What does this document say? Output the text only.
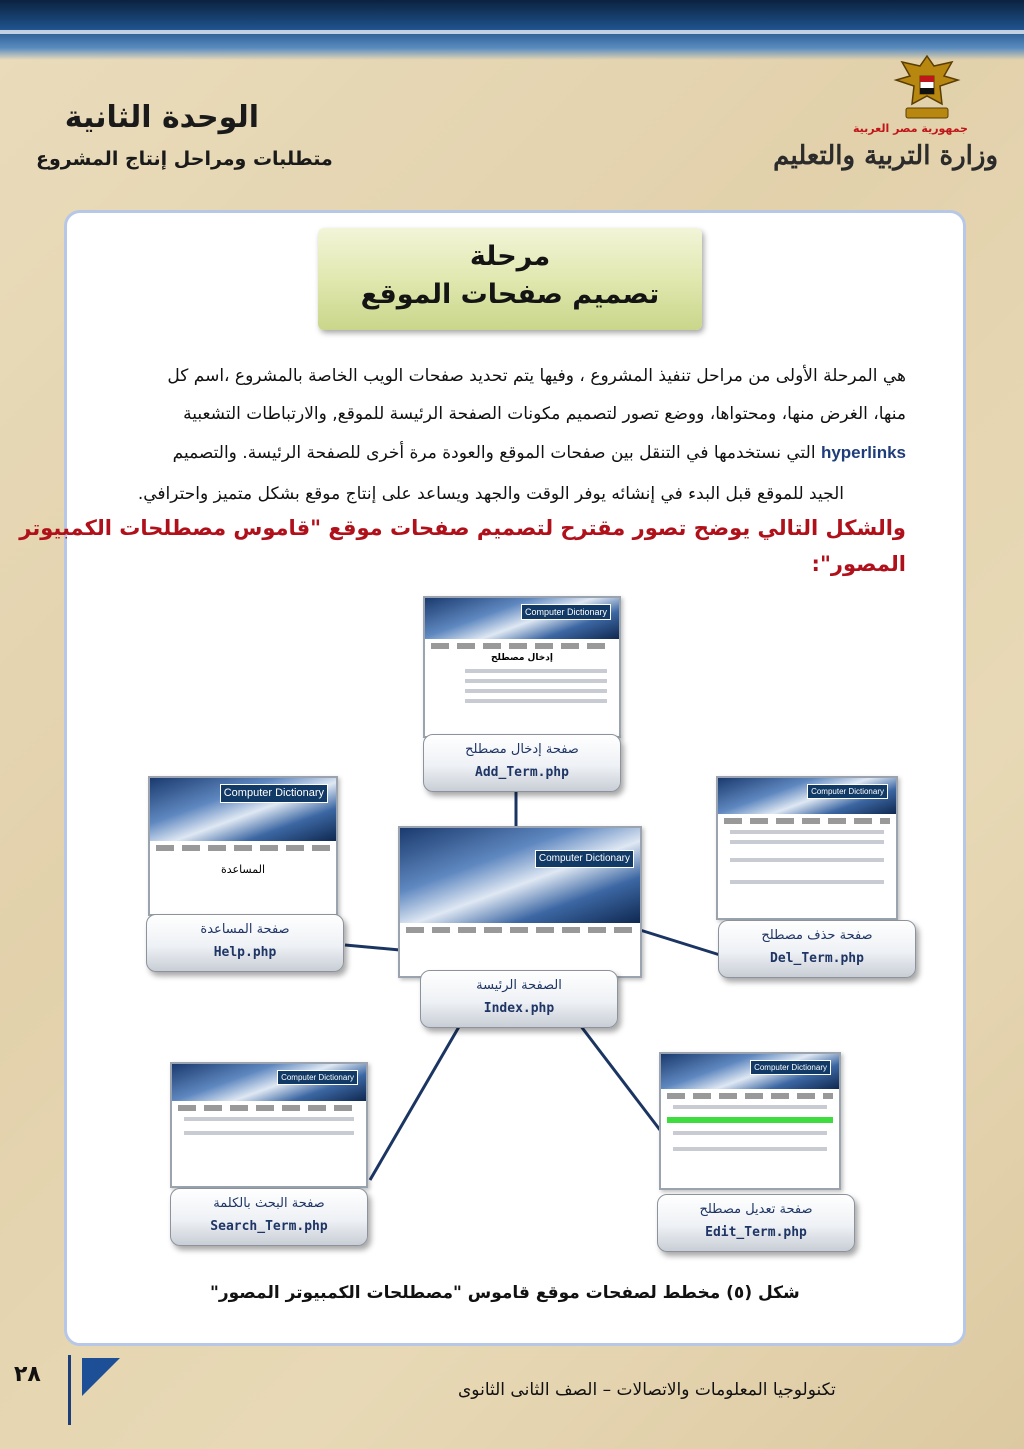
جمهورية مصر العربية
وزارة التربية والتعليم
الوحدة الثانية
متطلبات ومراحل إنتاج المشروع
مرحلة
تصميم صفحات الموقع
هي المرحلة الأولى من مراحل تنفيذ المشروع ، وفيها يتم تحديد صفحات الويب الخاصة بالمشروع ،اسم كل
منها، الغرض منها، ومحتواها، ووضع تصور لتصميم مكونات الصفحة الرئيسة للموقع, والارتباطات التشعبية
hyperlinks التي نستخدمها في التنقل بين صفحات الموقع والعودة مرة أخرى للصفحة الرئيسة. والتصميم
الجيد للموقع قبل البدء في إنشائه يوفر الوقت والجهد ويساعد على إنتاج موقع بشكل متميز واحترافي.
والشكل التالي يوضح تصور مقترح لتصميم صفحات موقع "قاموس مصطلحات الكمبيوتر
المصور":
Computer Dictionary
إدخال مصطلح
صفحة إدخال مصطلح
Add_Term.php
Computer Dictionary
المساعدة
صفحة المساعدة
Help.php
Computer Dictionary
الصفحة الرئيسة
Index.php
Computer Dictionary
صفحة حذف مصطلح
Del_Term.php
Computer Dictionary
صفحة البحث بالكلمة
Search_Term.php
Computer Dictionary
صفحة تعديل مصطلح
Edit_Term.php
شكل (٥) مخطط لصفحات موقع قاموس "مصطلحات الكمبيوتر المصور"
٢٨
تكنولوجيا المعلومات والاتصالات – الصف الثانى الثانوى
